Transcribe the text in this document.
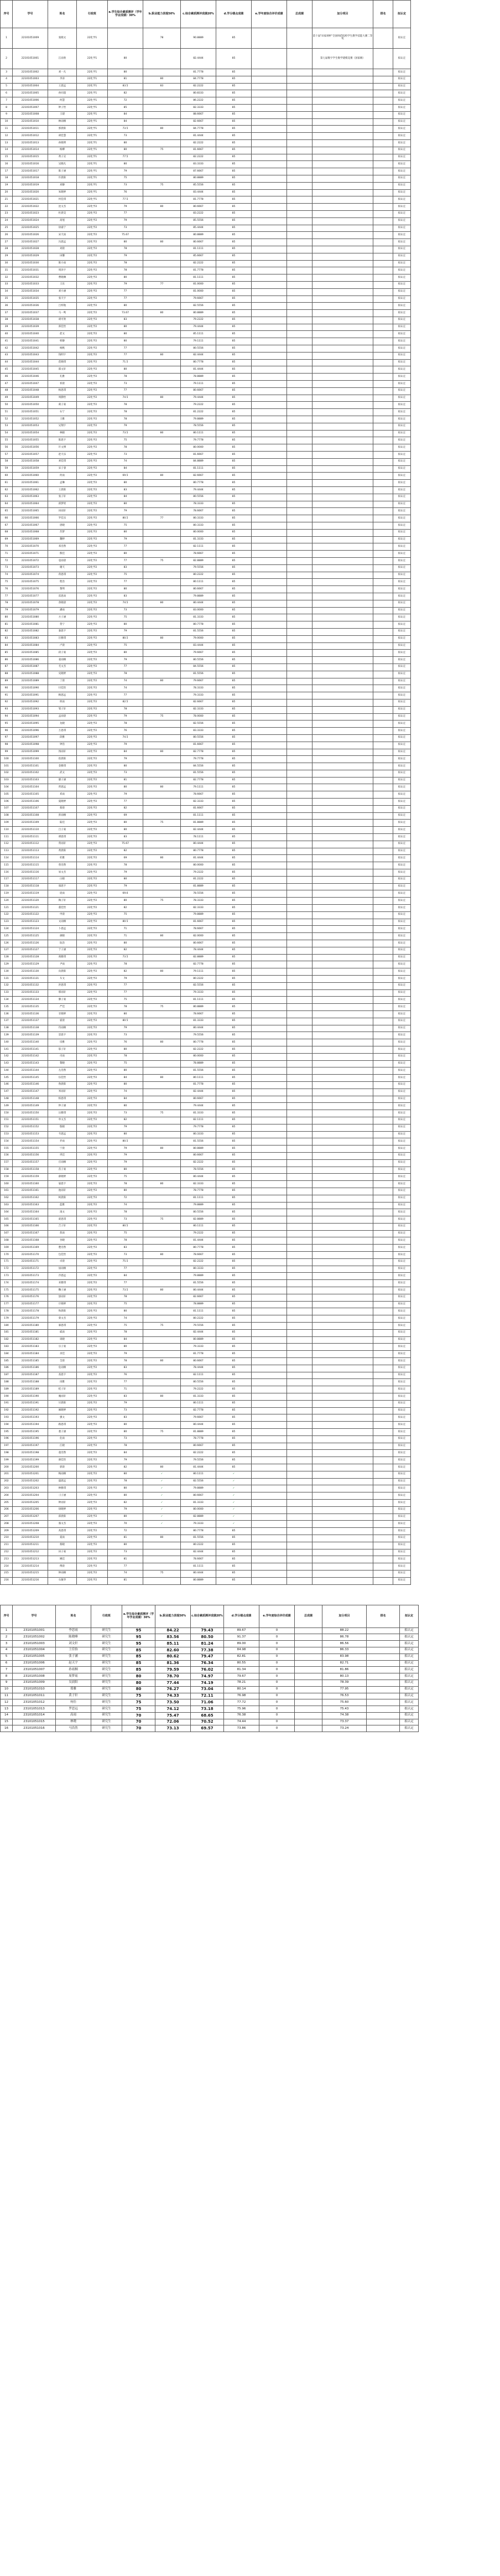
序号	学号	姓名	行政班	a.学生综合素质测评（学年学业成绩）30%	b.职业能力表现50%	c.综合素质测评成绩20%	d.学分绩点成绩	e.学年度综合评价成绩	总成绩	加分项目	排名	拟认定
1	22101051009	张晓文	22化学1		78	90.8889	85			第十届"田家炳杯"全国师范院校学生教学技能大赛二等奖		拟认定
2	22101051001	江雨欣	22化学1	80		82.4444	85			第七届数字学生数学建模竞赛（国家级）		拟认定
3	22101051002	刘一凡	22化学1	80		81.7778	85					拟认定
4	22101051003	李涛	22化学1	81	80	84.7778	85					拟认定
5	22101051004	王思远	22化学1	83.5	83	82.2222	85					拟认定
6	22101051005	孙同超	22化学1	82		80.8333	85					拟认定
7	22101051006	何慧	22化学1	72		86.2222	85					拟认定
8	22101051007	钟子怡	22化学1	85		82.3333	85					拟认定
9	22101051008	王建	22化学1	84		88.6667	85					拟认定
10	22101051010	林雨桐	22化学1	84		82.6667	85					拟认定
11	22101051011	郭晨阳	22化学1	73.5	80	84.7778	85					拟认定
12	22101051012	胡佳慧	22化学1	73		81.4444	85					拟认定
13	22101051013	孙晓明	22化学1	80		82.2222	85					拟认定
14	22101051014	杨柳	22化学1	80	75	81.6667	85					拟认定
15	22101051015	黄子宣	22化学1	77.5		82.2222	85					拟认定
16	22101051016	吴晓凡	22化学1	80		83.3333	85					拟认定
17	22101051017	陈子涵	22化学1	79		87.6667	85					拟认定
18	22101051018	许晨阳	22化学1	75		80.8889	85					拟认定
19	22101051019	刘静	22化学1	73	75	85.5556	85					拟认定
20	22101051020	朱晓婷	22化学1	76		83.4444	85					拟认定
21	22101051021	何佳琪	22化学1	77.5		81.7778	85					拟认定
22	22101051022	沈文杰	22化学2	79	80	80.6667	85					拟认定
23	22101051023	杜晨昊	22化学2	77		83.2222	85					拟认定
24	22101051024	高旭	22化学2	79		85.5556	85					拟认定
25	22101051025	徐嘉宁	22化学2	73		85.4444	85					拟认定
26	22101051026	宋天雨	22化学2	75.67		80.8889	85					拟认定
27	22101051027	冯思远	22化学2	80	80	80.6667	85					拟认定
28	22101051028	刘晨	22化学2	78		81.1111	85					拟认定
29	22101051029	田馨	22化学2	79		85.6667	85					拟认定
30	22101051030	陈小雨	22化学2	78		82.2222	85					拟认定
31	22101051031	周泽宇	22化学2	78		81.7778	85					拟认定
32	22101051032	曹晓琳	22化学2	80		81.1111	85					拟认定
33	22101051033	王乐	22化学2	79	77	81.0000	85					拟认定
34	22101051034	刘小涵	22化学2	77		81.0000	85					拟认定
35	22101051035	张天宇	22化学2	77		79.6667	85					拟认定
36	22101051036	吕梓航	22化学2	80		82.5556	85					拟认定
37	22101051037	马一鸣	22化学2	73.67	80	80.8889	85					拟认定
38	22101051038	胡可欣	22化学2	83		79.2222	85					拟认定
39	22101051039	郑佳怡	22化学2	80		79.4444	85					拟认定
40	22101051040	赵文	22化学2	80		85.1111	85					拟认定
41	22101051041	韩静	22化学2	80		79.1111	85					拟认定
42	22101051042	杨帆	22化学2	77		80.5556	85					拟认定
43	22101051043	钱明宇	22化学2	77	80	82.4444	85					拟认定
44	22101051044	范晓琪	22化学2	71.5		80.7778	85					拟认定
45	22101051045	邵文轩	22化学2	80		81.4444	85					拟认定
46	22101051046	孔雅	22化学2	78		78.8889	85					拟认定
47	22101051047	祁晨	22化学2	73		79.1111	85					拟认定
48	22101051048	杨思琪	22化学2	77		80.6667	85					拟认定
49	22101051049	周静怡	22化学2	74.5	80	79.4444	85					拟认定
50	22101051050	葛子豪	22化学2	78		79.2222	85					拟认定
51	22101051051	石宁	22化学2	78		81.2222	85					拟认定
52	22101051052	王雅	22化学2	78		79.8889	85					拟认定
53	22101051053	吴翔宇	22化学2	79		78.5556	85					拟认定
54	22101051054	林晓	22化学2	73.5	80	80.1111	85					拟认定
55	22101051055	陈思宇	22化学2	75		79.7778	85					拟认定
56	22101051056	许文博	22化学2	78		80.0000	85					拟认定
57	22101051057	赵天乐	22化学2	73		81.6667	85					拟认定
58	22101051058	刘佳琪	22化学2	74		84.8889	85					拟认定
59	22101051059	宋子睿	22化学2	84		81.1111	85					拟认定
60	22101051060	何雨	22化学2	69.5	80	82.6667	85					拟认定
61	22101051061	孟琳	22化学2	80		80.7778	85					拟认定
62	22101051062	王晨阳	22化学2	83		79.4444	85					拟认定
63	22101051063	张子轩	22化学2	84		80.5556	85					拟认定
64	22101051064	邱梦瑶	22化学2	80		78.3333	85					拟认定
65	22101051065	田雨轩	22化学2	79		78.6667	85					拟认定
66	22101051066	罗佳乐	22化学2	80.5	77	80.3333	85					拟认定
67	22101051067	唐晓	22化学2	75		80.3333	85					拟认定
68	22101051068	苏梦	22化学2	80		80.0000	85					拟认定
69	22101051069	魏婷	22化学2	79		81.3333	85					拟认定
70	22101051070	邓浩然	22化学2	77		82.1111	85					拟认定
71	22101051071	熊佳	22化学2	80		78.6667	85					拟认定
72	22101051072	袁雨晨	22化学2	77	75	82.8889	85					拟认定
73	22101051073	谢天	22化学2	83		79.5556	85					拟认定
74	22101051074	蒋思琪	22化学2	75		80.2222	85					拟认定
75	22101051075	程浩	22化学2	77		80.1111	85					拟认定
76	22101051076	黎明	22化学2	80		80.6667	85					拟认定
77	22101051077	雷思雨	22化学2	83		79.8889	85					拟认定
78	22101051078	余晓晨	22化学2	74.5	80	80.4444	85					拟认定
79	22101051079	潘雨	22化学2	73		83.0000	85					拟认定
80	22101051080	方子涵	22化学2	75		81.3333	85					拟认定
81	22101051081	贺宁	22化学2	80		80.7778	85					拟认定
82	22101051082	秦思宇	22化学2	79		81.5556	85					拟认定
83	22101051083	汪雅琪	22化学2	80.5	80	79.0000	85					拟认定
84	22101051084	卢晨	22化学2	75		83.4444	85					拟认定
85	22101051085	段子豪	22化学2	80		79.6667	85					拟认定
86	22101051086	姜雨桐	22化学2	79		80.5556	85					拟认定
87	22101051087	毛文杰	22化学2	77		84.5556	85					拟认定
88	22101051088	史晓婷	22化学2	78		81.5556	85					拟认定
89	22101051089	丁晨	22化学2	74	80	79.6667	85					拟认定
90	22101051090	付佳怡	22化学2	74		78.3333	85					拟认定
91	22101051091	顾思远	22化学2	77		79.3333	85					拟认定
92	22101051092	侯雨	22化学2	82.5		82.6667	85					拟认定
93	22101051093	邹子轩	22化学2	78		82.3333	85					拟认定
94	22101051094	孟雨晨	22化学2	79	75	78.0000	85					拟认定
95	22101051095	龙晓	22化学2	78		82.5556	85					拟认定
96	22101051096	万思琪	22化学2	76		83.3333	85					拟认定
97	22101051097	段雅	22化学2	74.5		80.5556	85					拟认定
98	22101051098	钟浩	22化学2	79		81.6667	85					拟认定
99	22101051099	汤雨轩	22化学2	84	80	82.7778	85					拟认定
100	22101051100	崔晨阳	22化学2	79		79.7778	85					拟认定
101	22101051101	金雅琪	22化学2	80		84.5556	85					拟认定
102	22101051102	武文	22化学2	73		81.5556	85					拟认定
103	22101051103	廖子涵	22化学2	81		82.7778	85					拟认定
104	22101051104	贾思远	22化学2	80	80	79.1111	85					拟认定
105	22101051105	邓雨	22化学2	79		78.6667	85					拟认定
106	22101051106	夏晓婷	22化学2	77		82.3333	85					拟认定
107	22101051107	蔡晨	22化学2	82		81.6667	85					拟认定
108	22101051108	彭雨桐	22化学2	69		81.1111	85					拟认定
109	22101051109	陆佳	22化学2	80	75	81.8889	85					拟认定
110	22101051110	吕子豪	22化学2	80		82.4444	85					拟认定
111	22101051111	谭思琪	22化学2	83		78.1111	85					拟认定
112	22101051112	常雨轩	22化学2	75.67		80.4444	85					拟认定
113	22101051113	黄晨阳	22化学2	82		80.7778	85					拟认定
114	22101051114	杜雅	22化学2	69	80	81.4444	85					拟认定
115	22101051115	曾浩然	22化学2	78		80.0000	85					拟认定
116	22101051116	易文杰	22化学2	79		79.2222	85					拟认定
117	22101051117	白晓	22化学2	80		81.2222	85					拟认定
118	22101051118	康思宇	22化学2	79		81.8889	85					拟认定
119	22101051119	庞雨	22化学2	69.6		78.5556	85					拟认定
120	22101051120	陶子轩	22化学2	80	75	78.3333	85					拟认定
121	22101051121	董佳怡	22化学2	82		82.3333	85					拟认定
122	22101051122	申晨	22化学2	75		79.8889	85					拟认定
123	22101051123	文雨桐	22化学2	80.5		81.6667	85					拟认定
124	22101051124	卜思远	22化学2	71		78.6667	85					拟认定
125	22101051125	颜晓	22化学2	71	80	82.0000	85					拟认定
126	22101051126	阮浩	22化学2	80		80.6667	85					拟认定
127	22101051127	于子涵	22化学2	82		78.4444	85					拟认定
128	22101051128	商雅琪	22化学2	73.5		82.8889	85					拟认定
129	22101051129	尹雨	22化学2	78		82.7778	85					拟认定
130	22101051130	向晨阳	22化学2	82	80	79.1111	85					拟认定
131	22101051131	车文	22化学2	79		80.2222	85					拟认定
132	22101051132	洪思琪	22化学2	77		82.5556	85					拟认定
133	22101051133	邢雨轩	22化学2	77		79.3333	85					拟认定
134	22101051134	滕子豪	22化学2	75		81.1111	85					拟认定
135	22101051135	严佳	22化学2	78	75	80.8889	85					拟认定
136	22101051136	甘晓婷	22化学2	80		78.6667	85					拟认定
137	22101051137	霍晨	22化学2	80.5		81.3333	85					拟认定
138	22101051138	符雨桐	22化学2	79		80.4444	85					拟认定
139	22101051139	景思宇	22化学2	73		79.5556	85					拟认定
140	22101051140	房雅	22化学2	76	80	80.7778	85					拟认定
141	22101051141	邬子轩	22化学2	80		82.2222	85					拟认定
142	22101051142	司雨	22化学2	78		80.0000	85					拟认定
143	22101051143	黎晓	22化学2	75		78.8889	85					拟认定
144	22101051144	左浩然	22化学2	80		81.5556	85					拟认定
145	22101051145	伍佳怡	22化学2	84	80	80.1111	85					拟认定
146	22101051146	鲁晨阳	22化学2	80		81.7778	85					拟认定
147	22101051147	米雨轩	22化学2	74		82.4444	85					拟认定
148	22101051148	柏思琪	22化学2	84		80.6667	85					拟认定
149	22101051149	仲子涵	22化学2	80		79.4444	85					拟认定
150	22101051150	岳雅琪	22化学2	73	75	81.3333	85					拟认定
151	22101051151	单文杰	22化学2	82		82.1111	85					拟认定
152	22101051152	殷晓	22化学2	79		79.7778	85					拟认定
153	22101051153	韦思远	22化学2	80		80.3333	85					拟认定
154	22101051154	乔雨	22化学2	80.5		81.5556	85					拟认定
155	22101051155	宁晨	22化学2	79	80	80.8889	85					拟认定
156	22101051156	巩佳	22化学2	79		80.6667	85					拟认定
157	22101051157	庄雨桐	22化学2	79		82.2222	85					拟认定
158	22101051158	苗子豪	22化学2	80		78.5556	85					拟认定
159	22101051159	薛晓婷	22化学2	75		80.4444	85					拟认定
160	22101051160	晏思宇	22化学2	78	80	82.3333	85					拟认定
161	22101051161	池雨轩	22化学2	80		78.7778	85					拟认定
162	22101051162	柯晨阳	22化学2	72		81.1111	85					拟认定
163	22101051163	蓝雅	22化学2	74		79.8889	85					拟认定
164	22101051164	凌文	22化学2	78		80.5556	85					拟认定
165	22101051165	聂思琪	22化学2	73	75	82.8889	85					拟认定
166	22101051166	吉子轩	22化学2	80.5		80.1111	85					拟认定
167	22101051167	焦雨	22化学2	75		79.2222	85					拟认定
168	22101051168	谷晓	22化学2	78		81.4444	85					拟认定
169	22101051169	楚浩然	22化学2	83		80.7778	85					拟认定
170	22101051170	包佳怡	22化学2	73	80	78.6667	85					拟认定
171	22101051171	卓晨	22化学2	75.5		82.2222	85					拟认定
172	22101051172	屈雨桐	22化学2	77		80.3333	85					拟认定
173	22101051173	冷思远	22化学2	84		79.8889	85					拟认定
174	22101051174	来雅琪	22化学2	77		81.5556	85					拟认定
175	22101051175	鞠子涵	22化学2	73.5	80	80.4444	85					拟认定
176	22101051176	邰雨轩	22化学2	78		82.6667	85					拟认定
177	22101051177	计晓婷	22化学2	75		78.8889	85					拟认定
178	22101051178	和晨阳	22化学2	80		81.1111	85					拟认定
179	22101051179	栾文杰	22化学2	74		80.2222	85					拟认定
180	22101051180	暴思琪	22化学2	75	75	79.5556	85					拟认定
181	22101051181	戚雨	22化学2	78		82.4444	85					拟认定
182	22101051182	谈晓	22化学2	84		80.8889	85					拟认定
183	22101051183	宗子豪	22化学2	80		79.3333	85					拟认定
184	22101051184	巫佳	22化学2	79		81.7778	85					拟认定
185	22101051185	全晨	22化学2	78	80	80.6667	85					拟认定
186	22101051186	危雨桐	22化学2	83		78.4444	85					拟认定
187	22101051187	查思宇	22化学2	76		82.1111	85					拟认定
188	22101051188	闵雅	22化学2	77		80.5556	85					拟认定
189	22101051189	桂子轩	22化学2	71		79.2222	85					拟认定
190	22101051190	糜雨轩	22化学2	83	80	81.3333	85					拟认定
191	22101051191	贝晨阳	22化学2	79		80.1111	85					拟认定
192	22101051192	麻晓婷	22化学2	73		82.7778	85					拟认定
193	22101051193	强文	22化学2	83		79.6667	85					拟认定
194	22101051194	路思琪	22化学2	80		80.4444	85					拟认定
195	22101051195	娄子涵	22化学2	80	75	81.8889	85					拟认定
196	22101051196	危雨	22化学2	73		78.7778	85					拟认定
197	22101051197	江晓	22化学2	78		80.6667	85					拟认定
198	22101051198	童浩然	22化学2	84		82.2222	85					拟认定
199	22101051199	颜佳怡	22化学2	79		79.5556	85					拟认定
200	22101051200	郭晨	22化学2	82	80	81.4444	85					拟认定
201	22101051201	梅雨桐	22化学2	80	✓	80.1111	✓					拟认定
202	22101051202	盛思远	22化学2	78	✓	82.5556	✓					拟认定
203	22101051203	林雅琪	22化学2	80	✓	79.8889	✓					拟认定
204	22101051204	刁子涵	22化学2	80	✓	80.6667	✓					拟认定
205	22101051205	钟雨轩	22化学2	82	✓	81.3333	✓					拟认定
206	22101051206	徐晓婷	22化学2	79	✓	80.0000	✓					拟认定
207	22101051207	邱晨阳	22化学2	80	✓	82.8889	✓					拟认定
208	22101051208	骆文杰	22化学2	70	✓	79.3333	✓					拟认定
209	22101051209	高思琪	22化学2	72		80.7778	85					拟认定
210	22101051210	夏雨	22化学2	81	80	81.5556	85					拟认定
211	22101051211	蔡晓	22化学2	80		80.2222	85					拟认定
212	22101051212	田子豪	22化学2	73		82.4444	85					拟认定
213	22101051213	姚佳	22化学2	81		78.6667	85					拟认定
214	22101051214	傅晨	22化学2	77		81.1111	85					拟认定
215	22101051215	钟雨桐	22化学2	74	75	80.4444	85					拟认定
216	22101051216	石敏华	22化学2	81		80.8889	85					拟认定
序号	学号	姓名	行政班	a.学生综合素质测评（学年学业成绩）30%	b.职业能力表现50%	c.综合素质测评成绩20%	d.学分绩点成绩	e.学年度综合评价成绩	总成绩	加分项目	排名	拟认定
1	23101051001	李思雨	研究生	95	84.22	79.43	89.67	0		88.22		拟认定
2	23101051002	陈晓峰	研究生	95	83.56	80.50	91.37	0		86.78		拟认定
3	23101051003	刘文轩	研究生	95	85.11	81.24	89.00	0		86.56		拟认定
4	23101051004	王佳怡	研究生	85	82.60	77.38	84.98	0		86.33		拟认定
5	23101051005	张子涵	研究生	85	80.62	79.47	82.81	0		83.98		拟认定
6	23101051006	赵天宇	研究生	85	81.36	76.34	80.55	0		82.71		拟认定
7	23101051007	孙雨桐	研究生	85	79.59	76.02	81.34	0		81.86		拟认定
8	23101051008	周梦瑶	研究生	80	78.70	74.97	79.67	0		80.13		拟认定
9	23101051009	吴晨阳	研究生	80	77.44	74.19	78.21	0		78.39		拟认定
10	23101051010	郑雅	研究生	80	76.27	73.04	80.14	0		77.95		拟认定
11	23101051011	黄子轩	研究生	75	74.33	72.11	76.98	0		76.53		拟认定
12	23101051012	何佳	研究生	75	73.50	71.06	77.72	0		75.60		拟认定
13	23101051013	罗思远	研究生	75	74.12	73.18	75.96	0		75.43		拟认定
14	23101051014	高雨	研究生	70	75.47	68.65	76.38	0		74.38		拟认定
15	23101051015	林晓	研究生	70	72.06	70.52	74.44	0		73.37		拟认定
16	23101051016	马浩然	研究生	70	73.13	69.57	73.86	0		73.24		拟认定
